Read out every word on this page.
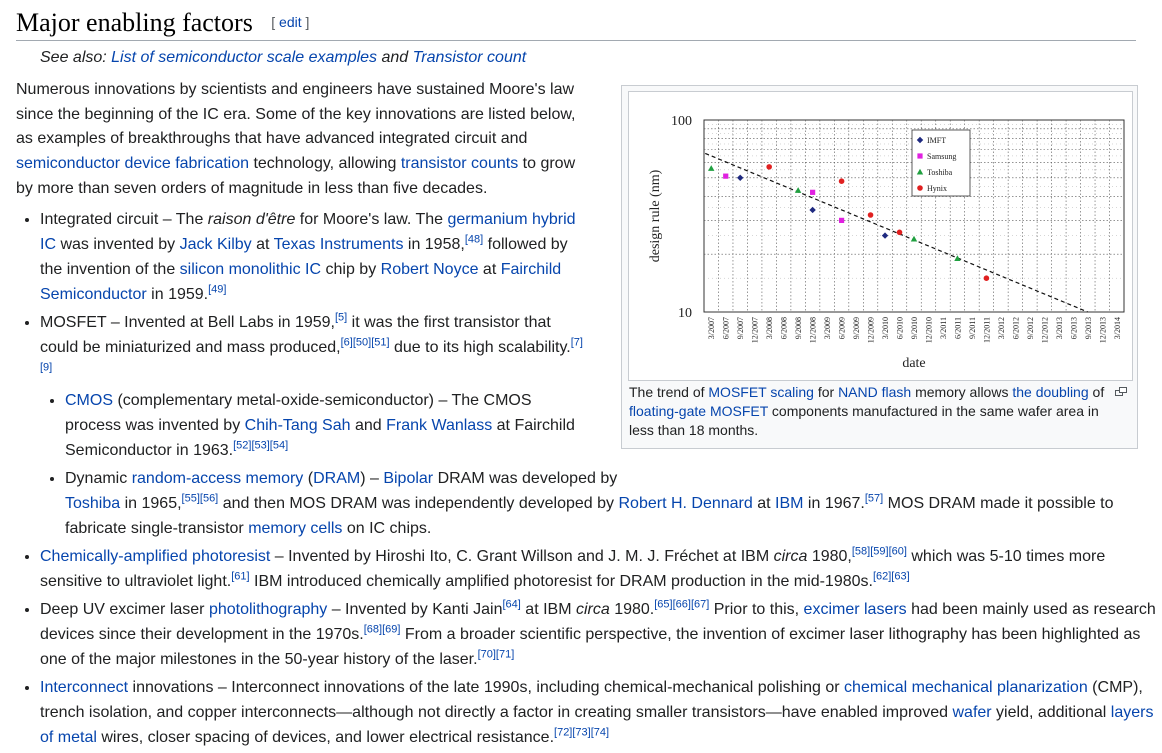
Major enabling factors [ edit ]
See also: List of semiconductor scale examples and Transistor count

Numerous innovations by scientists and engineers have sustained Moore's law since the beginning of the IC era. Some of the key innovations are listed below, as examples of breakthroughs that have advanced integrated circuit and semiconductor device fabrication technology, allowing transistor counts to grow by more than seven orders of magnitude in less than five decades.

100
10
3/2007 6/2007 9/2007 12/2007 3/2008 6/2008 9/2008 12/2008 3/2009 6/2009 9/2009 12/2009 3/2010 6/2010 9/2010 12/2010 3/2011 6/2011 9/2011 12/2011 3/2012 6/2012 9/2012 12/2012 3/2013 6/2013 9/2013 12/2013 3/2014
design rule (nm)
date
IMFT
Samsung
Toshiba
Hynix

The trend of MOSFET scaling for NAND flash memory allows the doubling of floating-gate MOSFET components manufactured in the same wafer area in less than 18 months.

• Integrated circuit – The raison d'être for Moore's law. The germanium hybrid IC was invented by Jack Kilby at Texas Instruments in 1958,[48] followed by the invention of the silicon monolithic IC chip by Robert Noyce at Fairchild Semiconductor in 1959.[49]
• MOSFET – Invented at Bell Labs in 1959,[5] it was the first transistor that could be miniaturized and mass produced,[6][50][51] due to its high scalability.[7][9]
• CMOS (complementary metal-oxide-semiconductor) – The CMOS process was invented by Chih-Tang Sah and Frank Wanlass at Fairchild Semiconductor in 1963.[52][53][54]
• Dynamic random-access memory (DRAM) – Bipolar DRAM was developed by
Toshiba in 1965,[55][56] and then MOS DRAM was independently developed by Robert H. Dennard at IBM in 1967.[57] MOS DRAM made it possible to fabricate single-transistor memory cells on IC chips.
• Chemically-amplified photoresist – Invented by Hiroshi Ito, C. Grant Willson and J. M. J. Fréchet at IBM circa 1980,[58][59][60] which was 5-10 times more sensitive to ultraviolet light.[61] IBM introduced chemically amplified photoresist for DRAM production in the mid-1980s.[62][63]
• Deep UV excimer laser photolithography – Invented by Kanti Jain[64] at IBM circa 1980.[65][66][67] Prior to this, excimer lasers had been mainly used as research devices since their development in the 1970s.[68][69] From a broader scientific perspective, the invention of excimer laser lithography has been highlighted as one of the major milestones in the 50-year history of the laser.[70][71]
• Interconnect innovations – Interconnect innovations of the late 1990s, including chemical-mechanical polishing or chemical mechanical planarization (CMP), trench isolation, and copper interconnects—although not directly a factor in creating smaller transistors—have enabled improved wafer yield, additional layers of metal wires, closer spacing of devices, and lower electrical resistance.[72][73][74]
